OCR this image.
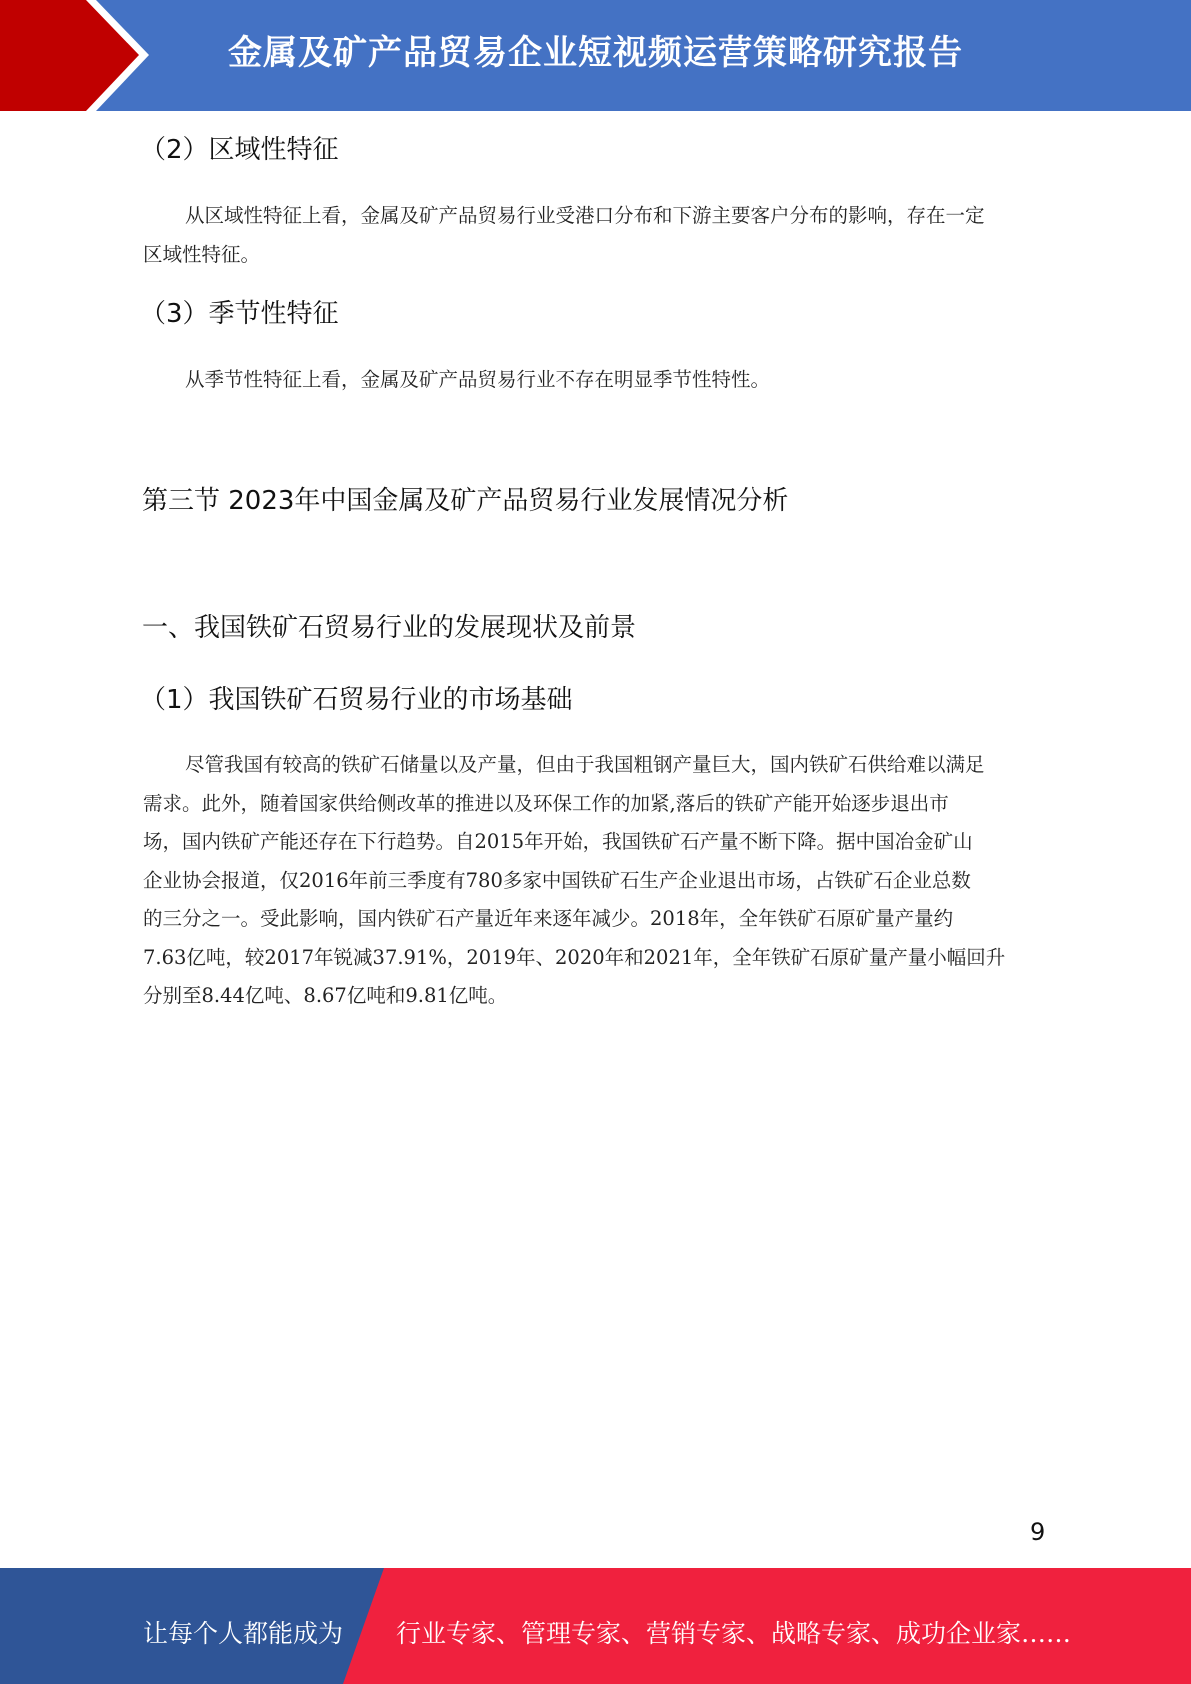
金属及矿产品贸易企业短视频运营策略研究报告
（2）区域性特征
从区域性特征上看，金属及矿产品贸易行业受港口分布和下游主要客户分布的影响，存在一定
区域性特征。
（3）季节性特征
从季节性特征上看，金属及矿产品贸易行业不存在明显季节性特性。
第三节 2023年中国金属及矿产品贸易行业发展情况分析
一、我国铁矿石贸易行业的发展现状及前景
（1）我国铁矿石贸易行业的市场基础
尽管我国有较高的铁矿石储量以及产量，但由于我国粗钢产量巨大，国内铁矿石供给难以满足
需求。此外，随着国家供给侧改革的推进以及环保工作的加紧,落后的铁矿产能开始逐步退出市
场，国内铁矿产能还存在下行趋势。自2015年开始，我国铁矿石产量不断下降。据中国冶金矿山
企业协会报道，仅2016年前三季度有780多家中国铁矿石生产企业退出市场，占铁矿石企业总数
的三分之一。受此影响，国内铁矿石产量近年来逐年减少。2018年，全年铁矿石原矿量产量约
7.63亿吨，较2017年锐减37.91%，2019年、2020年和2021年，全年铁矿石原矿量产量小幅回升
分别至8.44亿吨、8.67亿吨和9.81亿吨。
9
让每个人都能成为 行业专家、管理专家、营销专家、战略专家、成功企业家……
